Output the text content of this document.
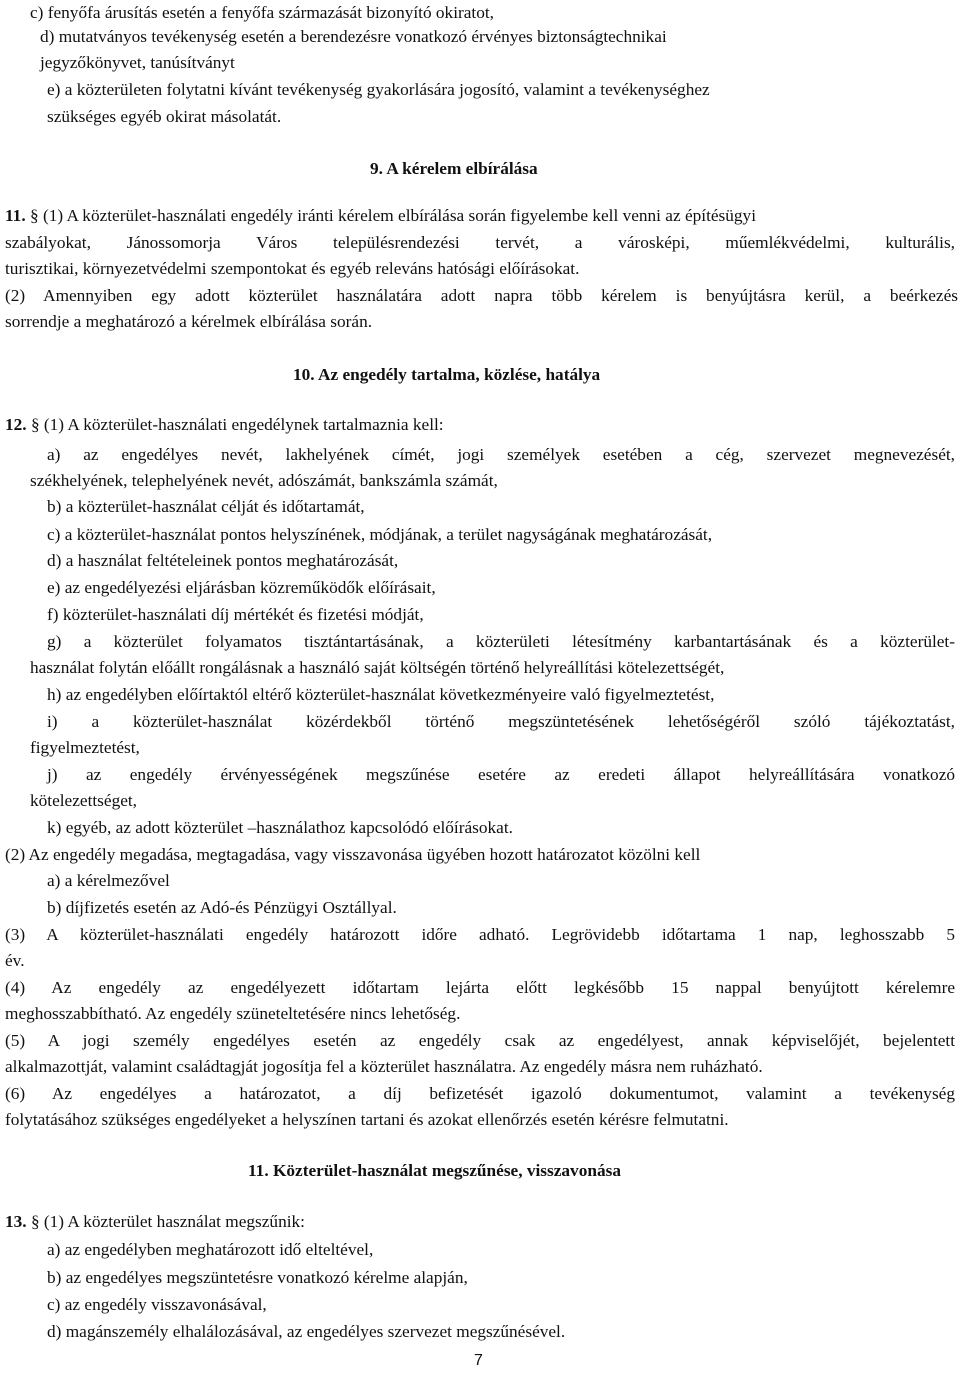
c) fenyőfa árusítás esetén a fenyőfa származását bizonyító okiratot,
d) mutatványos tevékenység esetén a berendezésre vonatkozó érvényes biztonságtechnikai
jegyzőkönyvet, tanúsítványt
e) a közterületen folytatni kívánt tevékenység gyakorlására jogosító, valamint a tevékenységhez
szükséges egyéb okirat másolatát.
9. A kérelem elbírálása
11. § (1) A közterület-használati engedély iránti kérelem elbírálása során figyelembe kell venni az építésügyi
szabályokat, Jánossomorja Város településrendezési tervét, a városképi, műemlékvédelmi, kulturális,
turisztikai, környezetvédelmi szempontokat és egyéb releváns hatósági előírásokat.
(2) Amennyiben egy adott közterület használatára adott napra több kérelem is benyújtásra kerül, a beérkezés
sorrendje a meghatározó a kérelmek elbírálása során.
10. Az engedély tartalma, közlése, hatálya
12. § (1) A közterület-használati engedélynek tartalmaznia kell:
a) az engedélyes nevét, lakhelyének címét, jogi személyek esetében a cég, szervezet megnevezését,
székhelyének, telephelyének nevét, adószámát, bankszámla számát,
b) a közterület-használat célját és időtartamát,
c) a közterület-használat pontos helyszínének, módjának, a terület nagyságának meghatározását,
d) a használat feltételeinek pontos meghatározását,
e) az engedélyezési eljárásban közreműködők előírásait,
f) közterület-használati díj mértékét és fizetési módját,
g) a közterület folyamatos tisztántartásának, a közterületi létesítmény karbantartásának és a közterület-
használat folytán előállt rongálásnak a használó saját költségén történő helyreállítási kötelezettségét,
h) az engedélyben előírtaktól eltérő közterület-használat következményeire való figyelmeztetést,
i) a közterület-használat közérdekből történő megszüntetésének lehetőségéről szóló tájékoztatást,
figyelmeztetést,
j) az engedély érvényességének megszűnése esetére az eredeti állapot helyreállítására vonatkozó
kötelezettséget,
k) egyéb, az adott közterület –használathoz kapcsolódó előírásokat.
(2) Az engedély megadása, megtagadása, vagy visszavonása ügyében hozott határozatot közölni kell
a) a kérelmezővel
b) díjfizetés esetén az Adó-és Pénzügyi Osztállyal.
(3) A közterület-használati engedély határozott időre adható. Legrövidebb időtartama 1 nap, leghosszabb 5
év.
(4) Az engedély az engedélyezett időtartam lejárta előtt legkésőbb 15 nappal benyújtott kérelemre
meghosszabbítható. Az engedély szüneteltetésére nincs lehetőség.
(5) A jogi személy engedélyes esetén az engedély csak az engedélyest, annak képviselőjét, bejelentett
alkalmazottját, valamint családtagját jogosítja fel a közterület használatra. Az engedély másra nem ruházható.
(6) Az engedélyes a határozatot, a díj befizetését igazoló dokumentumot, valamint a tevékenység
folytatásához szükséges engedélyeket a helyszínen tartani és azokat ellenőrzés esetén kérésre felmutatni.
11. Közterület-használat megszűnése, visszavonása
13. § (1) A közterület használat megszűnik:
a) az engedélyben meghatározott idő elteltével,
b) az engedélyes megszüntetésre vonatkozó kérelme alapján,
c) az engedély visszavonásával,
d) magánszemély elhalálozásával, az engedélyes szervezet megszűnésével.
7
